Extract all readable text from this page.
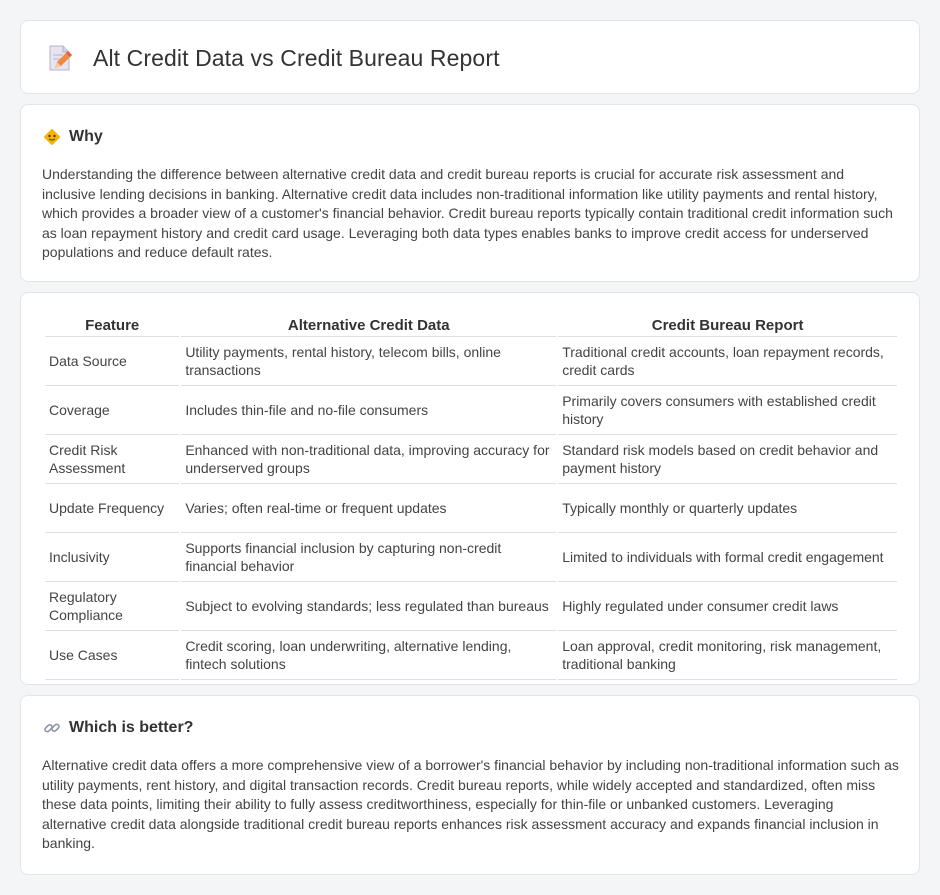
Alt Credit Data vs Credit Bureau Report
Why

Understanding the difference between alternative credit data and credit bureau reports is crucial for accurate risk assessment and inclusive lending decisions in banking. Alternative credit data includes non-traditional information like utility payments and rental history, which provides a broader view of a customer's financial behavior. Credit bureau reports typically contain traditional credit information such as loan repayment history and credit card usage. Leveraging both data types enables banks to improve credit access for underserved populations and reduce default rates.

Feature	Alternative Credit Data	Credit Bureau Report
Data Source	Utility payments, rental history, telecom bills, online transactions	Traditional credit accounts, loan repayment records, credit cards
Coverage	Includes thin-file and no-file consumers	Primarily covers consumers with established credit history
Credit Risk Assessment	Enhanced with non-traditional data, improving accuracy for underserved groups	Standard risk models based on credit behavior and payment history
Update Frequency	Varies; often real-time or frequent updates	Typically monthly or quarterly updates
Inclusivity	Supports financial inclusion by capturing non-credit financial behavior	Limited to individuals with formal credit engagement
Regulatory Compliance	Subject to evolving standards; less regulated than bureaus	Highly regulated under consumer credit laws
Use Cases	Credit scoring, loan underwriting, alternative lending, fintech solutions	Loan approval, credit monitoring, risk management, traditional banking
Which is better?

Alternative credit data offers a more comprehensive view of a borrower's financial behavior by including non-traditional information such as utility payments, rent history, and digital transaction records. Credit bureau reports, while widely accepted and standardized, often miss these data points, limiting their ability to fully assess creditworthiness, especially for thin-file or unbanked customers. Leveraging alternative credit data alongside traditional credit bureau reports enhances risk assessment accuracy and expands financial inclusion in banking.
